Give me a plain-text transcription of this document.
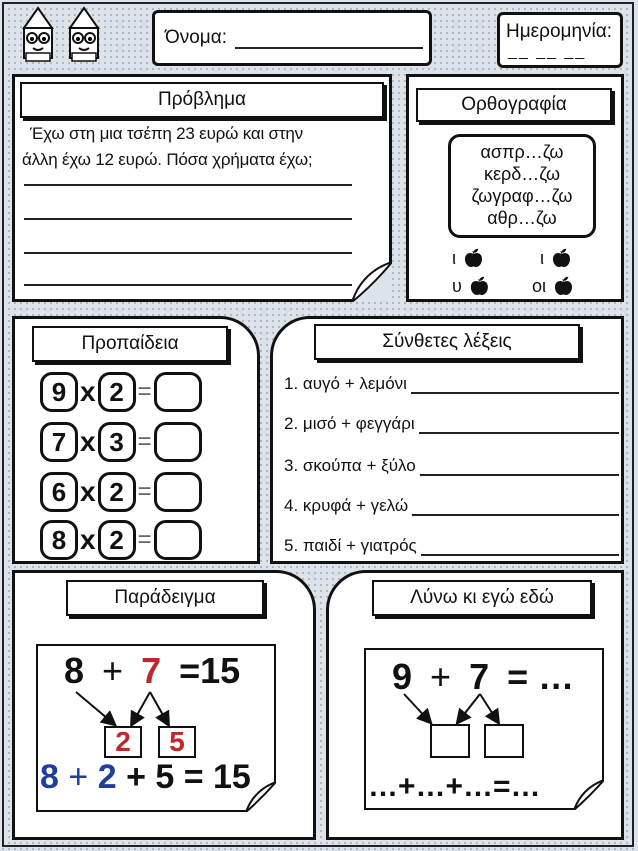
Όνομα:	Ημερομηνία:
__ __ __
Πρόβλημα
Έχω στη μια τσέπη 23 ευρώ και στην
άλλη έχω 12 ευρώ. Πόσα χρήματα έχω;
Ορθογραφία
ασπρ…ζω
κερδ…ζω
ζωγραφ…ζω
αθρ…ζω
ι 🍎︎	ι 🍎︎
υ 🍎︎ οι 🍎︎
Προπαίδεια
9 x 2 =
7 x 3 =
6 x 2 =
8 x 2 =
Σύνθετες λέξεις
1. αυγό + λεμόνι
2. μισό + φεγγάρι
3. σκούπα + ξύλο
4. κρυφά + γελώ
5. παιδί + γιατρός
Παράδειγμα
8 + 7 =15
2 5
8 + 2 + 5 = 15
Λύνω κι εγώ εδώ
9 + 7 = …
…+…+…=…
